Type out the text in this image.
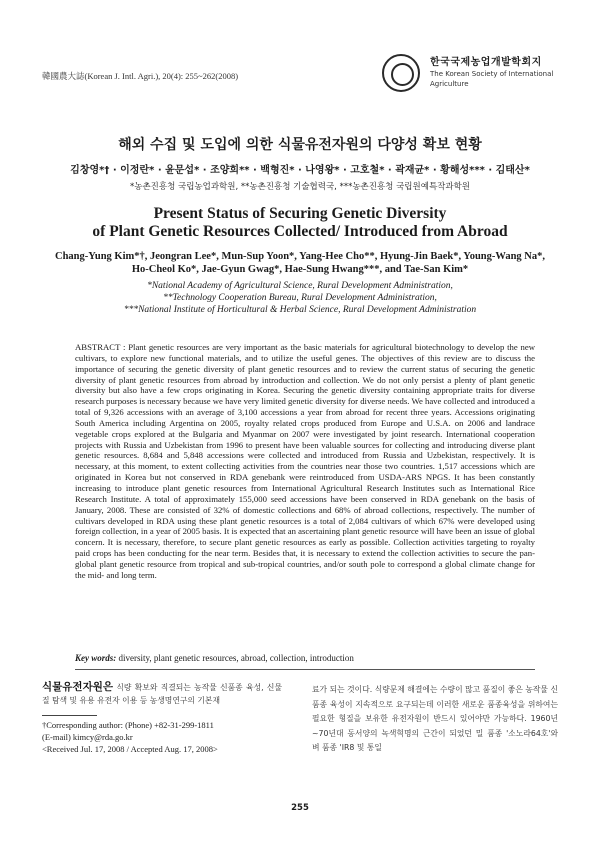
韓國農大誌(Korean J. Intl. Agri.), 20(4): 255~262(2008)
한국국제농업개발학회지
The Korean Society of International Agriculture
해외 수집 및 도입에 의한 식물유전자원의 다양성 확보 현황
김창영*† · 이정란* · 윤문섭* · 조양희** · 백형진* · 나영왕* · 고호철* · 곽재균* · 황해성*** · 김태산*
*농촌진흥청 국립농업과학원, **농촌진흥청 기술협력국, ***농촌진흥청 국립원예특작과학원
Present Status of Securing Genetic Diversity
of Plant Genetic Resources Collected/ Introduced from Abroad
Chang-Yung Kim*†, Jeongran Lee*, Mun-Sup Yoon*, Yang-Hee Cho**, Hyung-Jin Baek*, Young-Wang Na*,
Ho-Cheol Ko*, Jae-Gyun Gwag*, Hae-Sung Hwang***, and Tae-San Kim*
*National Academy of Agricultural Science, Rural Development Administration,
**Technology Cooperation Bureau, Rural Development Administration,
***National Institute of Horticultural & Herbal Science, Rural Development Administration
ABSTRACT : Plant genetic resources are very important as the basic materials for agricultural biotechnology to develop the new cultivars, to explore new functional materials, and to utilize the useful genes. The objectives of this review are to discuss the importance of securing the genetic diversity of plant genetic resources and to review the current status of securing the genetic diversity of plant genetic resources from abroad by introduction and collection. We do not only persist a plenty of plant genetic diversity but also have a few crops originating in Korea. Securing the genetic diversity containing appropriate traits for diverse research purposes is necessary because we have very limited genetic diversity for diverse needs. We have collected and introduced a total of 9,326 accessions with an average of 3,100 accessions a year from abroad for recent three years. Accessions originating South America including Argentina on 2005, royalty related crops produced from Europe and U.S.A. on 2006 and landrace vegetable crops explored at the Bulgaria and Myanmar on 2007 were investigated by joint research. International cooperation projects with Russia and Uzbekistan from 1996 to present have been valuable sources for collecting and introducing diverse plant genetic resources. 8,684 and 5,848 accessions were collected and introduced from Russia and Uzbekistan, respectively. It is necessary, at this moment, to extent collecting activities from the countries near those two countries. 1,517 accessions which are originated in Korea but not conserved in RDA genebank were reintroduced from USDA-ARS NPGS. It has been constantly increasing to introduce plant genetic resources from International Agricultural Research Institutes such as International Rice Research Institute. A total of approximately 155,000 seed accessions have been conserved in RDA genebank on the basis of January, 2008. These are consisted of 32% of domestic collections and 68% of abroad collections, respectively. The number of cultivars developed in RDA using these plant genetic resources is a total of 2,084 cultivars of which 67% were developed using foreign collection, in a year of 2005 basis. It is expected that an ascertaining plant genetic resource will have been an issue of global concern. It is necessary, therefore, to secure plant genetic resources as early as possible. Collection activities targeting to royalty paid crops has been conducting for the near term. Besides that, it is necessary to extend the collection activities to secure the pan-global plant genetic resource from tropical and sub-tropical countries, and/or south pole to correspond a global climate change for the mid- and long term.
Key words: diversity, plant genetic resources, abroad, collection, introduction
식물유전자원은 식량 확보와 직결되는 농작물 신품종 육성, 신물질 탐색 및 유용 유전자 이용 등 농생명연구의 기본재
료가 되는 것이다. 식량문제 해결에는 수량이 많고 품질이 좋은 농작물 신품종 육성이 지속적으로 요구되는데 이러한 새로운 품종육성을 위하여는 필요한 형질을 보유한 유전자원이 반드시 있어야만 가능하다. 1960년~70년대 동서양의 녹색혁명의 근간이 되었던 밀 품종 '소노라64호'와 벼 품종 'IR8 및 통일
†Corresponding author: (Phone) +82-31-299-1811
(E-mail) kimcy@rda.go.kr
<Received Jul. 17, 2008 / Accepted Aug. 17, 2008>
255
